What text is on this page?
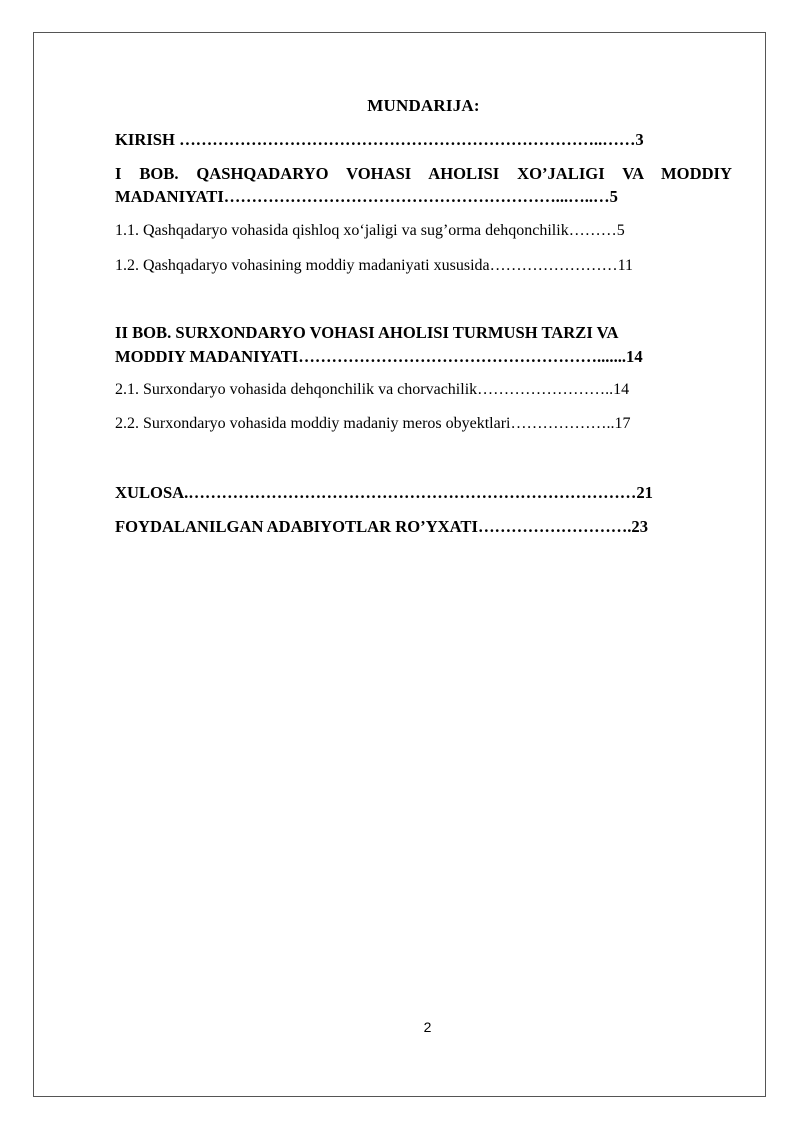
MUNDARIJA:
KIRISH …………………………………………………………………..……3
I BOB. QASHQADARYO VOHASI AHOLISI XO’JALIGI VA MODDIY
MADANIYATI……………………………………………………...…..…5
1.1. Qashqadaryo vohasida qishloq xo‘jaligi va sug’orma dehqonchilik………5
1.2. Qashqadaryo vohasining moddiy madaniyati xususida……………………11
II BOB. SURXONDARYO VOHASI AHOLISI TURMUSH TARZI VA
MODDIY MADANIYATI……………………………………………….......14
2.1. Surxondaryo vohasida dehqonchilik va chorvachilik……………………..14
2.2. Surxondaryo vohasida moddiy madaniy meros obyektlari………………..17
XULOSA.………………………………………………………………………21
FOYDALANILGAN ADABIYOTLAR RO’YXATI……………………….23
2
